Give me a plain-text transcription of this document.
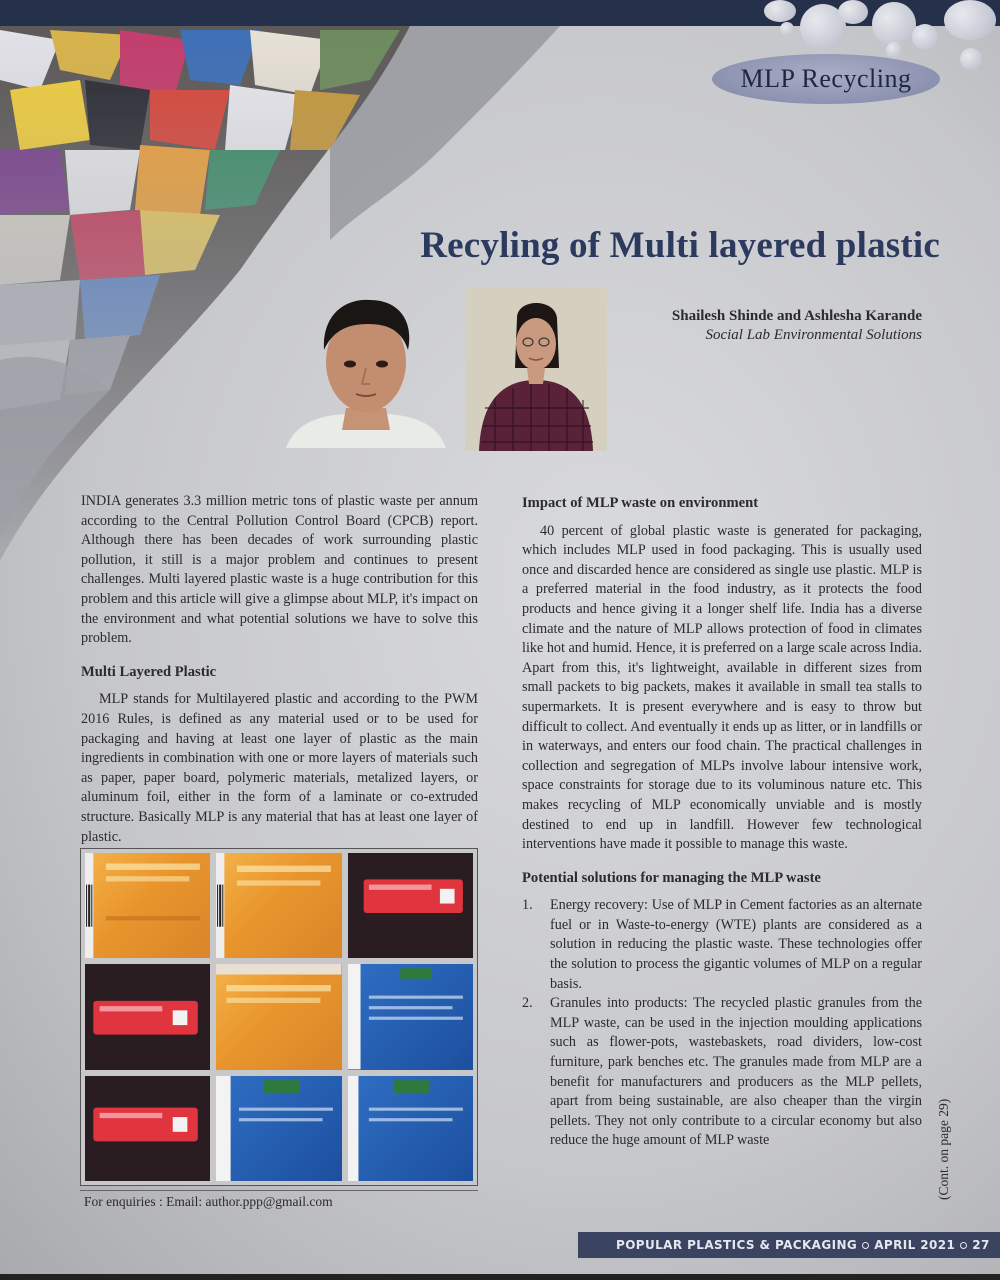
MLP Recycling
Recyling of Multi layered plastic
Shailesh Shinde and Ashlesha Karande
Social Lab Environmental Solutions

INDIA generates 3.3 million metric tons of plastic waste per annum according to the Central Pollution Control Board (CPCB) report. Although there has been decades of work surrounding plastic pollution, it still is a major problem and continues to present challenges. Multi layered plastic waste is a huge contribution for this problem and this article will give a glimpse about MLP, it's impact on the environment and what potential solutions we have to solve this problem.

Multi Layered Plastic

MLP stands for Multilayered plastic and according to the PWM 2016 Rules, is defined as any material used or to be used for packaging and having at least one layer of plastic as the main ingredients in combination with one or more layers of materials such as paper, paper board, polymeric materials, metalized layers, or aluminum foil, either in the form of a laminate or co-extruded structure. Basically MLP is any material that has at least one layer of plastic.

For enquiries : Email: author.ppp@gmail.com
Impact of MLP waste on environment

40 percent of global plastic waste is generated for packaging, which includes MLP used in food packaging. This is usually used once and discarded hence are considered as single use plastic. MLP is a preferred material in the food industry, as it protects the food products and hence giving it a longer shelf life. India has a diverse climate and the nature of MLP allows protection of food in climates like hot and humid. Hence, it is preferred on a large scale across India. Apart from this, it's lightweight, available in different sizes from small packets to big packets, makes it available in small tea stalls to supermarkets. It is present everywhere and is easy to throw but difficult to collect. And eventually it ends up as litter, or in landfills or in waterways, and enters our food chain. The practical challenges in collection and segregation of MLPs involve labour intensive work, space constraints for storage due to its voluminous nature etc. This makes recycling of MLP economically unviable and is mostly destined to end up in landfill. However few technological interventions have made it possible to manage this waste.

Potential solutions for managing the MLP waste
1. Energy recovery: Use of MLP in Cement factories as an alternate fuel or in Waste-to-energy (WTE) plants are considered as a solution in reducing the plastic waste. These technologies offer the solution to process the gigantic volumes of MLP on a regular basis.
2. Granules into products: The recycled plastic granules from the MLP waste, can be used in the injection moulding applications such as flower-pots, wastebaskets, road dividers, low-cost furniture, park benches etc. The granules made from MLP are a benefit for manufacturers and producers as the MLP pellets, apart from being sustainable, are also cheaper than the virgin pellets. They not only contribute to a circular economy but also reduce the huge amount of MLP waste	(Cont. on page 29)
POPULAR PLASTICS & PACKAGING APRIL 2021 27
